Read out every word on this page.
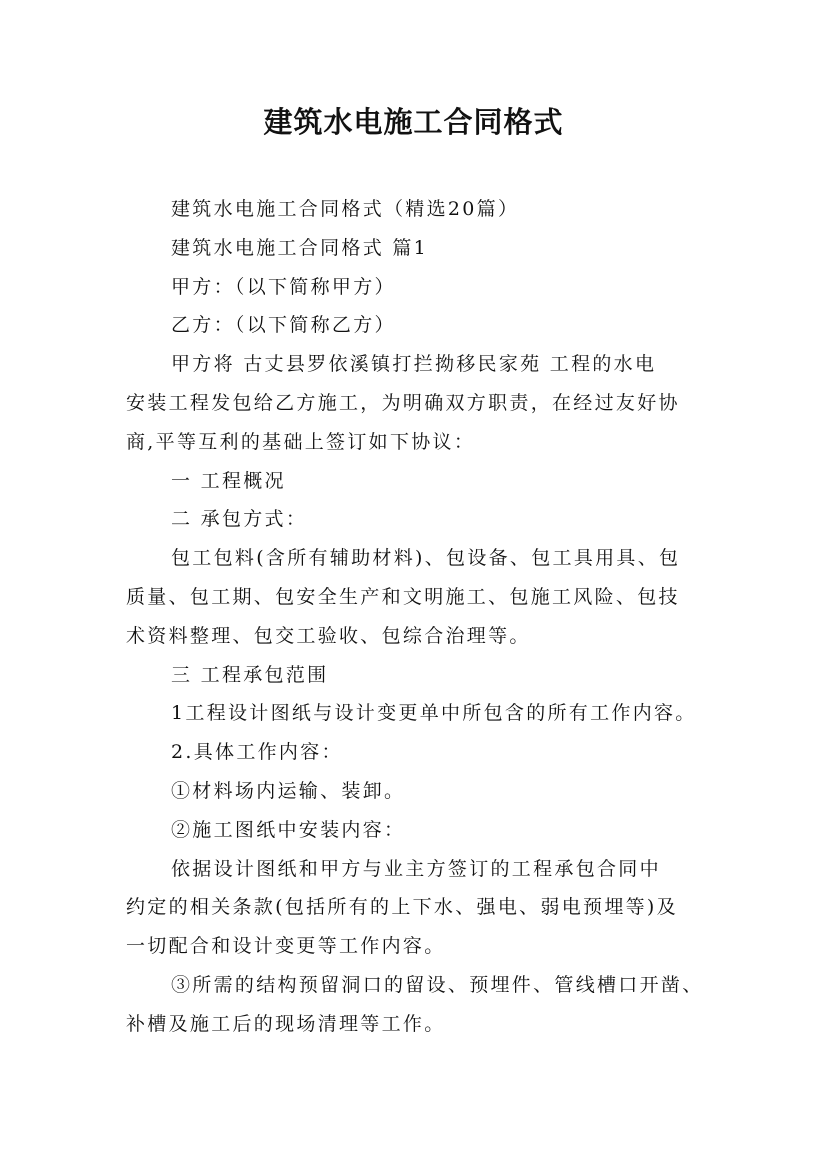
建筑水电施工合同格式
建筑水电施工合同格式（精选20篇）
建筑水电施工合同格式 篇1
甲方：（以下简称甲方）
乙方：（以下简称乙方）
甲方将 古丈县罗依溪镇打拦拗移民家苑 工程的水电
安装工程发包给乙方施工，为明确双方职责，在经过友好协
商,平等互利的基础上签订如下协议：
一 工程概况
二 承包方式：
包工包料(含所有辅助材料)、包设备、包工具用具、包
质量、包工期、包安全生产和文明施工、包施工风险、包技
术资料整理、包交工验收、包综合治理等。
三 工程承包范围
1工程设计图纸与设计变更单中所包含的所有工作内容。
2.具体工作内容：
①材料场内运输、装卸。
②施工图纸中安装内容：
依据设计图纸和甲方与业主方签订的工程承包合同中
约定的相关条款(包括所有的上下水、强电、弱电预埋等)及
一切配合和设计变更等工作内容。
③所需的结构预留洞口的留设、预埋件、管线槽口开凿、
补槽及施工后的现场清理等工作。
